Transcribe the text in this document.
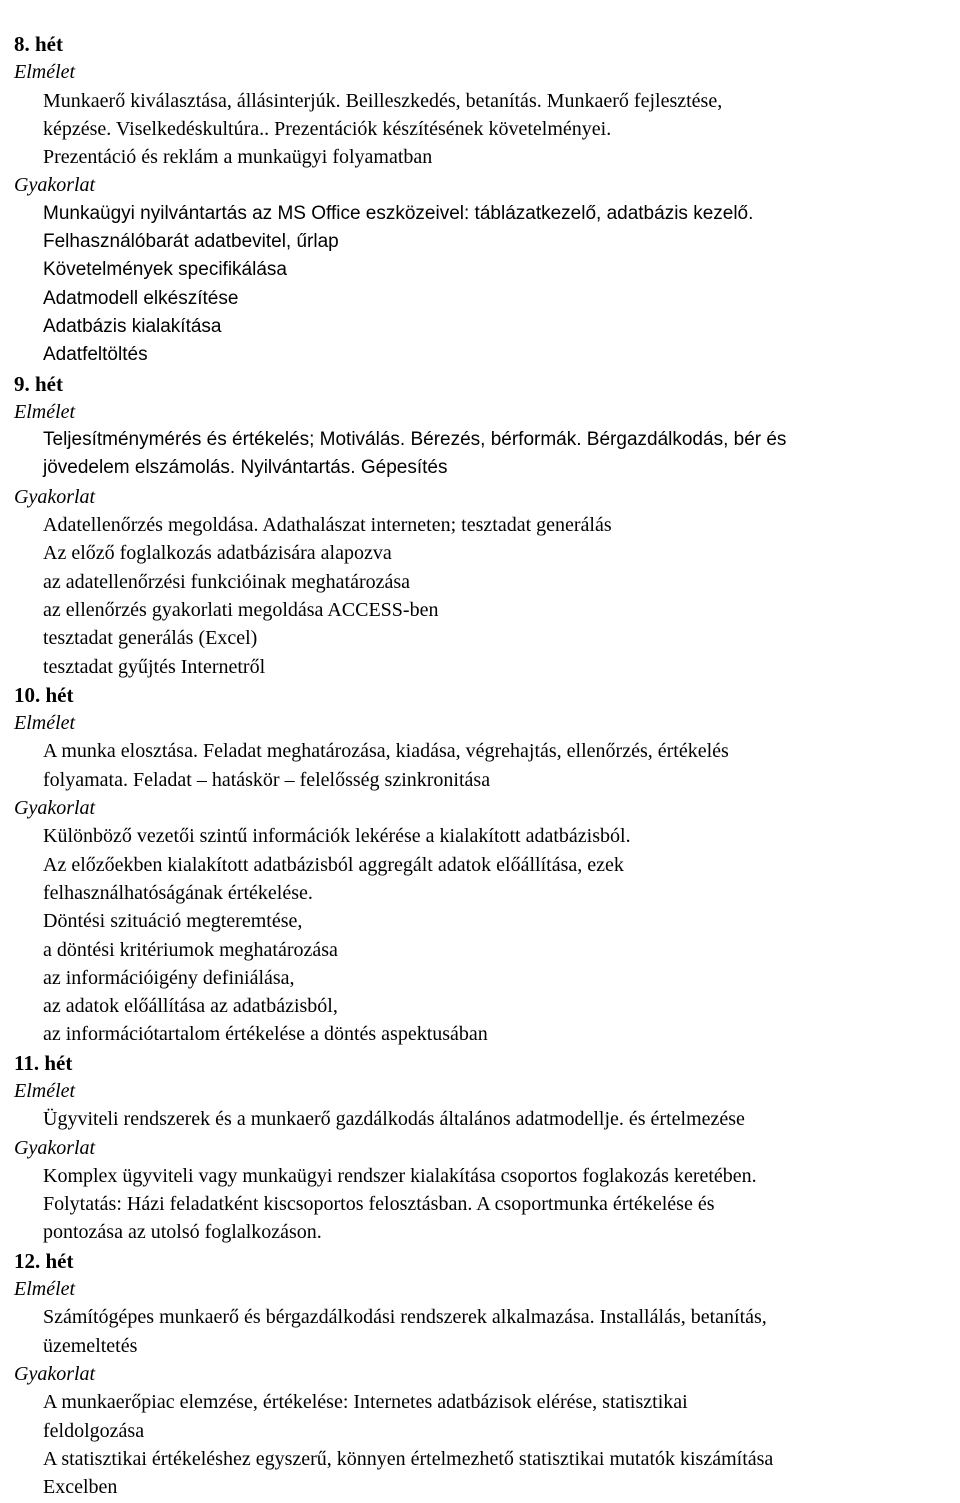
8. hét
Elmélet
Munkaerő kiválasztása, állásinterjúk. Beilleszkedés, betanítás. Munkaerő fejlesztése,
képzése. Viselkedéskultúra.. Prezentációk készítésének követelményei.
Prezentáció és reklám a munkaügyi folyamatban
Gyakorlat
Munkaügyi nyilvántartás az MS Office eszközeivel: táblázatkezelő, adatbázis kezelő.
Felhasználóbarát adatbevitel, űrlap
Követelmények specifikálása
Adatmodell elkészítése
Adatbázis kialakítása
Adatfeltöltés
9. hét
Elmélet
Teljesítménymérés és értékelés; Motiválás. Bérezés, bérformák. Bérgazdálkodás, bér és
jövedelem elszámolás. Nyilvántartás. Gépesítés
Gyakorlat
Adatellenőrzés megoldása. Adathalászat interneten; tesztadat generálás
Az előző foglalkozás adatbázisára alapozva
az adatellenőrzési funkcióinak meghatározása
az ellenőrzés gyakorlati megoldása ACCESS-ben
tesztadat generálás (Excel)
tesztadat gyűjtés Internetről
10. hét
Elmélet
A munka elosztása. Feladat meghatározása, kiadása, végrehajtás, ellenőrzés, értékelés
folyamata. Feladat – hatáskör – felelősség szinkronitása
Gyakorlat
Különböző vezetői szintű információk lekérése a kialakított adatbázisból.
Az előzőekben kialakított adatbázisból aggregált adatok előállítása, ezek
felhasználhatóságának értékelése.
Döntési szituáció megteremtése,
a döntési kritériumok meghatározása
az információigény definiálása,
az adatok előállítása az adatbázisból,
az információtartalom értékelése a döntés aspektusában
11. hét
Elmélet
Ügyviteli rendszerek és a munkaerő gazdálkodás általános adatmodellje. és értelmezése
Gyakorlat
Komplex ügyviteli vagy munkaügyi rendszer kialakítása csoportos foglakozás keretében.
Folytatás: Házi feladatként kiscsoportos felosztásban. A csoportmunka értékelése és
pontozása az utolsó foglalkozáson.
12. hét
Elmélet
Számítógépes munkaerő és bérgazdálkodási rendszerek alkalmazása. Installálás, betanítás,
üzemeltetés
Gyakorlat
A munkaerőpiac elemzése, értékelése: Internetes adatbázisok elérése, statisztikai
feldolgozása
A statisztikai értékeléshez egyszerű, könnyen értelmezhető statisztikai mutatók kiszámítása
Excelben
